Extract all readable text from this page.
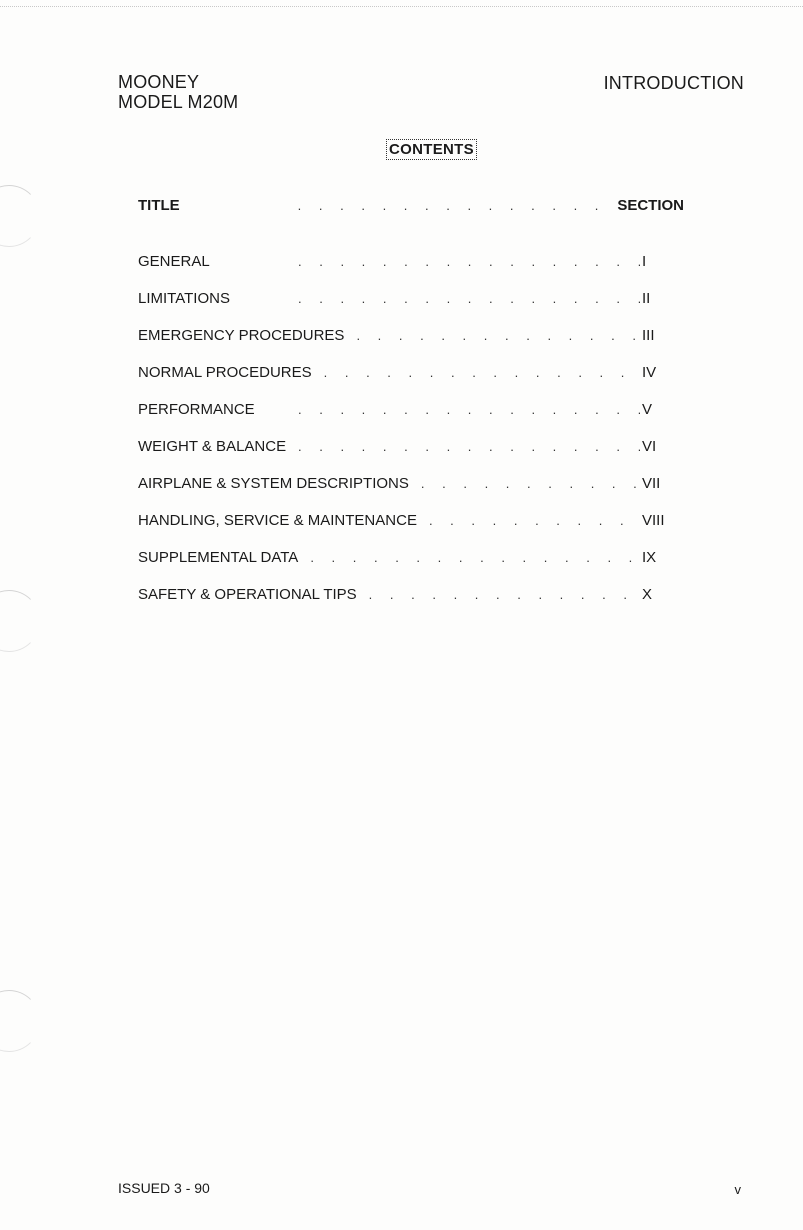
MOONEY
MODEL M20M
INTRODUCTION
CONTENTS
TITLE . . .	SECTION
GENERAL . . .	I
LIMITATIONS . . .	II
EMERGENCY PROCEDURES . . .	III
NORMAL PROCEDURES . . .	IV
PERFORMANCE . . .	V
WEIGHT & BALANCE . . .	VI
AIRPLANE & SYSTEM DESCRIPTIONS . . .	VII
HANDLING, SERVICE & MAINTENANCE . . .	VIII
SUPPLEMENTAL DATA . . .	IX
SAFETY & OPERATIONAL TIPS . . .	X
ISSUED 3 - 90	v
